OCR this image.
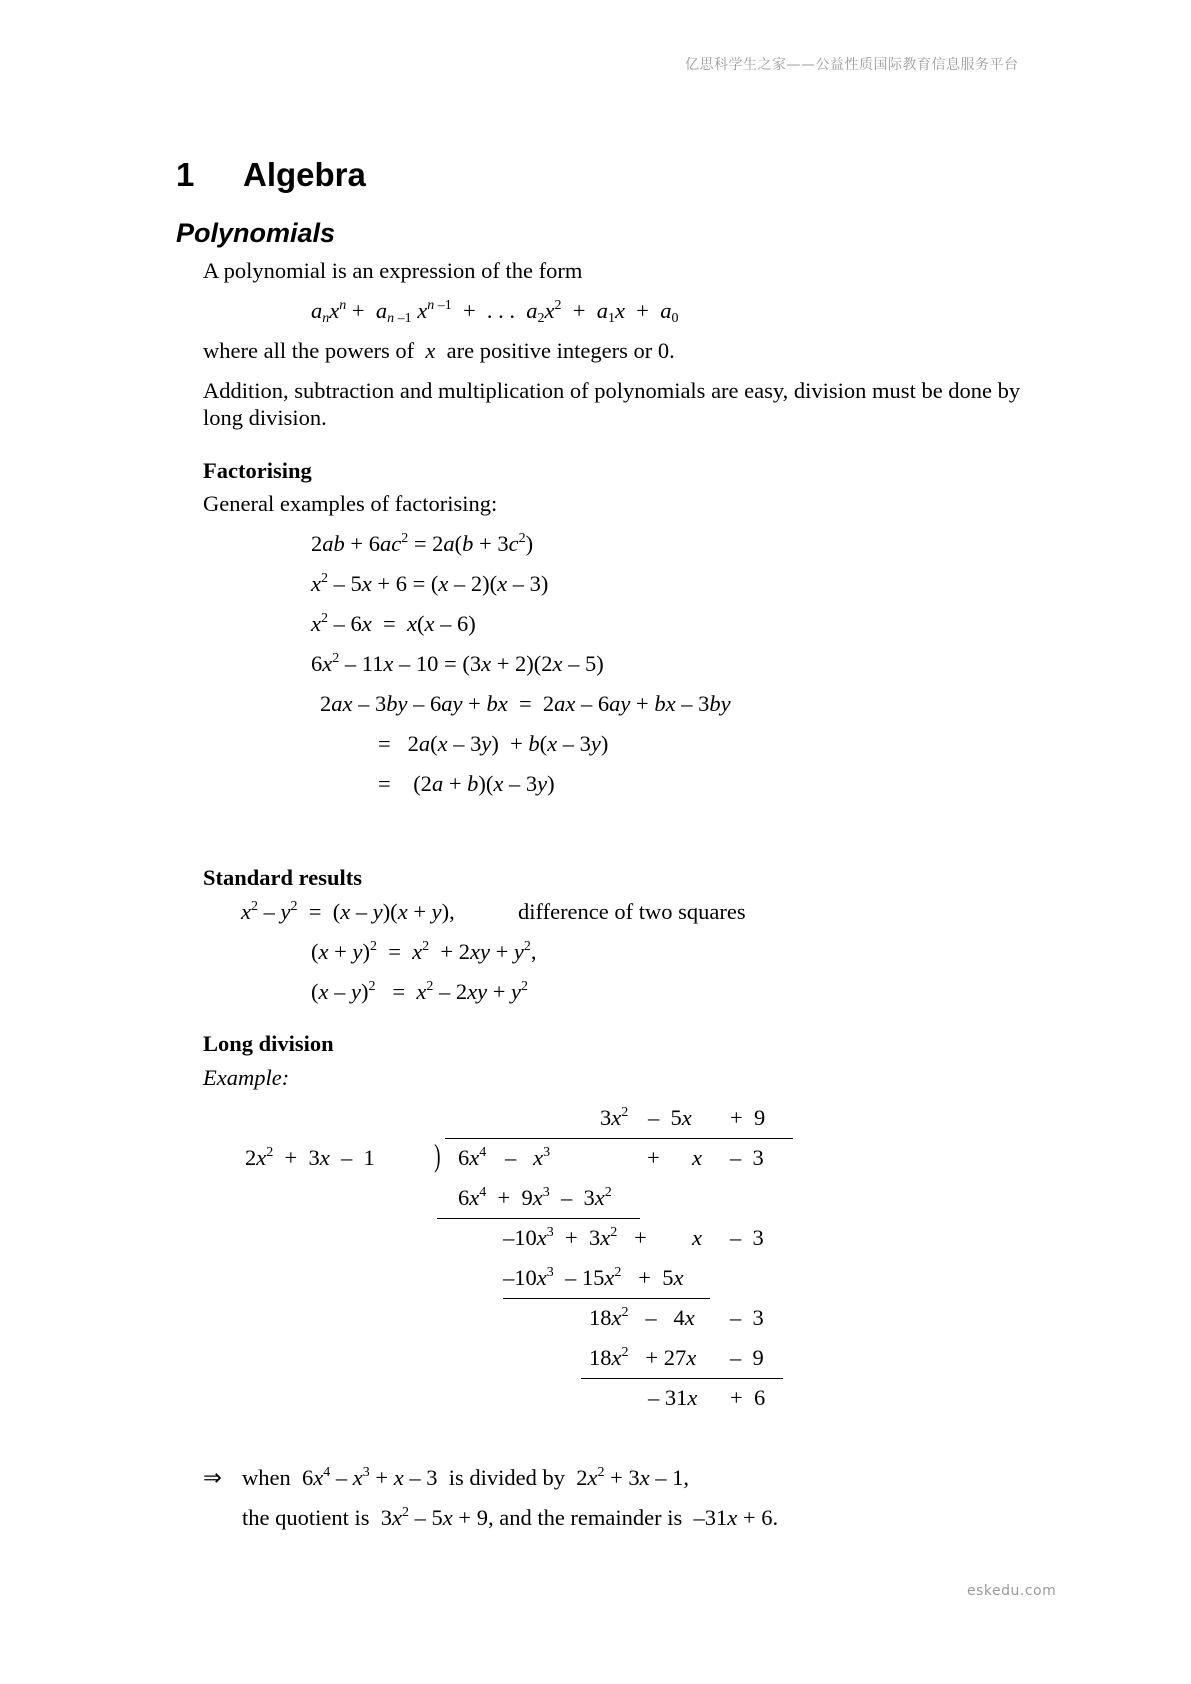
亿思科学生之家——公益性质国际教育信息服务平台
1 Algebra
Polynomials
A polynomial is an expression of the form
$a_nx^n + a_{n -1}$ $x^{n -1}$  +  . . .  $a_2x^2 + a_1x + a_0$
where all the powers of x are positive integers or 0.
Addition, subtraction and multiplication of polynomials are easy, division must be done by
long division.
Factorising
General examples of factorising:
$2ab + 6ac^2 = 2a(b + 3c^2)$
$x^2 - 5x + 6 = (x - 2)(x - 3)$
$x^2 - 6x = x(x - 6)$
$6x^2 - 11x - 10 = (3x + 2)(2x - 5)$
2ax – 3by – 6ay + bx  =  2ax – 6ay + bx – 3by
=   2a(x – 3y)  + b(x – 3y)
=    (2a + b)(x – 3y)
Standard results
$x^2 - y^2 = (x - y)(x + y)$,	difference of two squares
$(x + y)^2 = x^2 + 2xy + y^2$,
$(x - y)^2 = x^2 - 2xy + y^2$
Long division
Example:
$3x^2 - 5x + 9$
$2x^2 + 3x - 1$ ) $6x^4 - x^3$	+ x –  3
$6x^4 + 9x^3 - 3x^2$
$-10x^3 + 3x^2 + x - 3$
$-10x^3 - 15x^2 + 5x$
$18x^2 - 4x - 3$
$18x^2 + 27x - 9$
– 31x +  6
⇒ when  $6x^4 - x^3 + x - 3$  is divided by  $2x^2 + 3x - 1$,
the quotient is  $3x^2 - 5x + 9$, and the remainder is  –31x + 6.
eskedu.com
